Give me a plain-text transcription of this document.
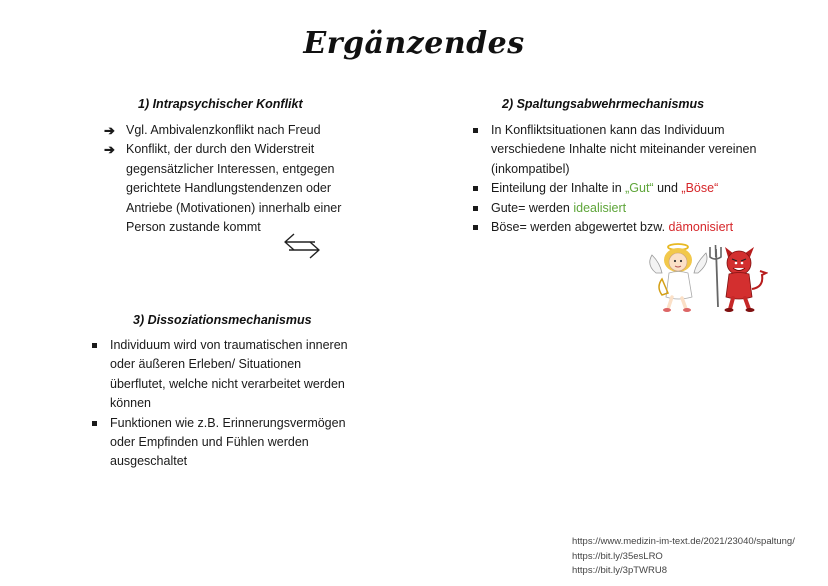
Ergänzendes
1) Intrapsychischer Konflikt
➔ Vgl. Ambivalenzkonflikt nach Freud
➔ Konflikt, der durch den Widerstreit gegensätzlicher Interessen, entgegen gerichtete Handlungstendenzen oder Antriebe (Motivationen) innerhalb einer Person zustande kommt
2) Spaltungsabwehrmechanismus
In Konfliktsituationen kann das Individuum verschiedene Inhalte nicht miteinander vereinen (inkompatibel)
Einteilung der Inhalte in „Gut“ und „Böse“
Gute= werden idealisiert
Böse= werden abgewertet bzw. dämonisiert
3) Dissoziationsmechanismus
Individuum wird von traumatischen inneren oder äußeren Erleben/ Situationen überflutet, welche nicht verarbeitet werden können
Funktionen wie z.B. Erinnerungsvermögen oder Empfinden und Fühlen werden ausgeschaltet
https://www.medizin-im-text.de/2021/23040/spaltung/
https://bit.ly/35esLRO
https://bit.ly/3pTWRU8
